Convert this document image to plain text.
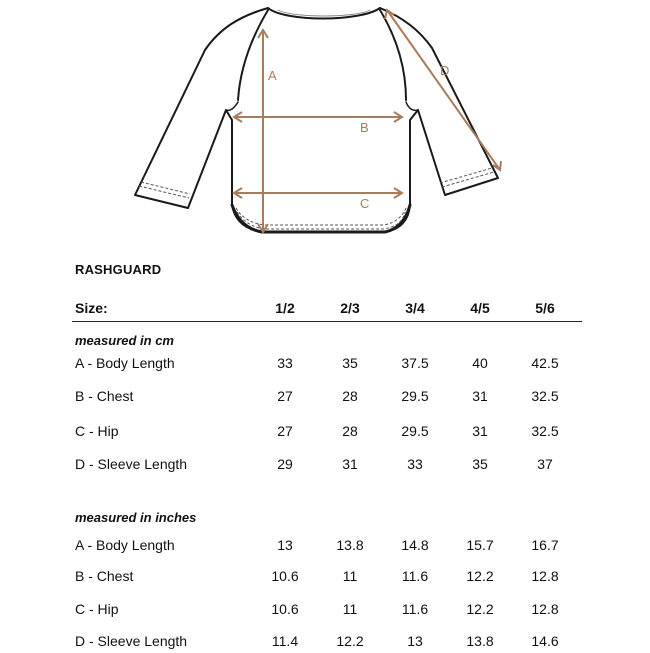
A
B
C
D
RASHGUARD
Size:	1/2	2/3	3/4	4/5	5/6
measured in cm
A - Body Length	33	35	37.5	40	42.5
B - Chest	27	28	29.5	31	32.5
C - Hip	27	28	29.5	31	32.5
D - Sleeve Length	29	31	33	35	37
measured in inches
A - Body Length	13	13.8	14.8	15.7	16.7
B - Chest	10.6	11	11.6	12.2	12.8
C - Hip	10.6	11	11.6	12.2	12.8
D - Sleeve Length	11.4	12.2	13	13.8	14.6
